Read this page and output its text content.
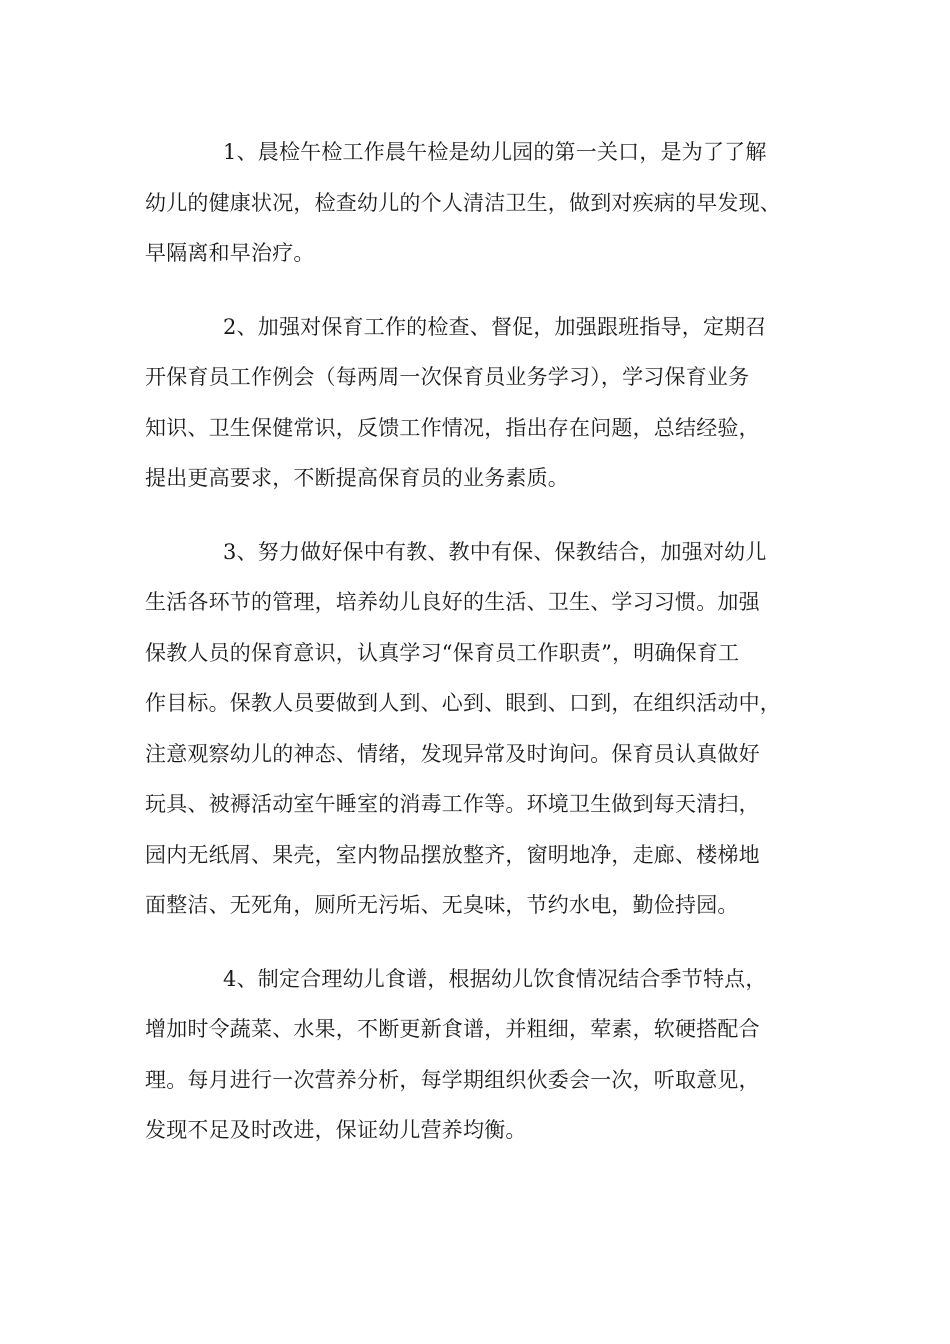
1、晨检午检工作晨午检是幼儿园的第一关口，是为了了解
幼儿的健康状况，检查幼儿的个人清洁卫生，做到对疾病的早发现、
早隔离和早治疗。
2、加强对保育工作的检查、督促，加强跟班指导，定期召
开保育员工作例会（每两周一次保育员业务学习），学习保育业务
知识、卫生保健常识，反馈工作情况，指出存在问题，总结经验，
提出更高要求，不断提高保育员的业务素质。
3、努力做好保中有教、教中有保、保教结合，加强对幼儿
生活各环节的管理，培养幼儿良好的生活、卫生、学习习惯。加强
保教人员的保育意识，认真学习“保育员工作职责”，明确保育工
作目标。保教人员要做到人到、心到、眼到、口到，在组织活动中，
注意观察幼儿的神态、情绪，发现异常及时询问。保育员认真做好
玩具、被褥活动室午睡室的消毒工作等。环境卫生做到每天清扫，
园内无纸屑、果壳，室内物品摆放整齐，窗明地净，走廊、楼梯地
面整洁、无死角，厕所无污垢、无臭味，节约水电，勤俭持园。
4、制定合理幼儿食谱，根据幼儿饮食情况结合季节特点，
增加时令蔬菜、水果，不断更新食谱，并粗细，荤素，软硬搭配合
理。每月进行一次营养分析，每学期组织伙委会一次，听取意见，
发现不足及时改进，保证幼儿营养均衡。
